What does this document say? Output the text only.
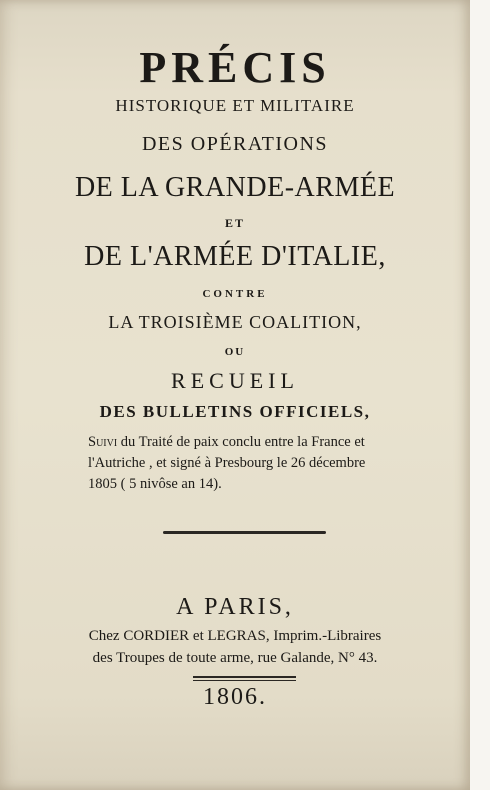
PRÉCIS
HISTORIQUE ET MILITAIRE
DES OPÉRATIONS
DE LA GRANDE-ARMÉE
ET
DE L'ARMÉE D'ITALIE,
CONTRE
LA TROISIÈME COALITION,
OU
RECUEIL
DES BULLETINS OFFICIELS,
Suivi du Traité de paix conclu entre la France et
l'Autriche , et signé à Presbourg le 26 décembre
1805 ( 5 nivôse an 14).
A PARIS,
Chez CORDIER et LEGRAS, Imprim.-Libraires
des Troupes de toute arme, rue Galande, N° 43.
1806.
